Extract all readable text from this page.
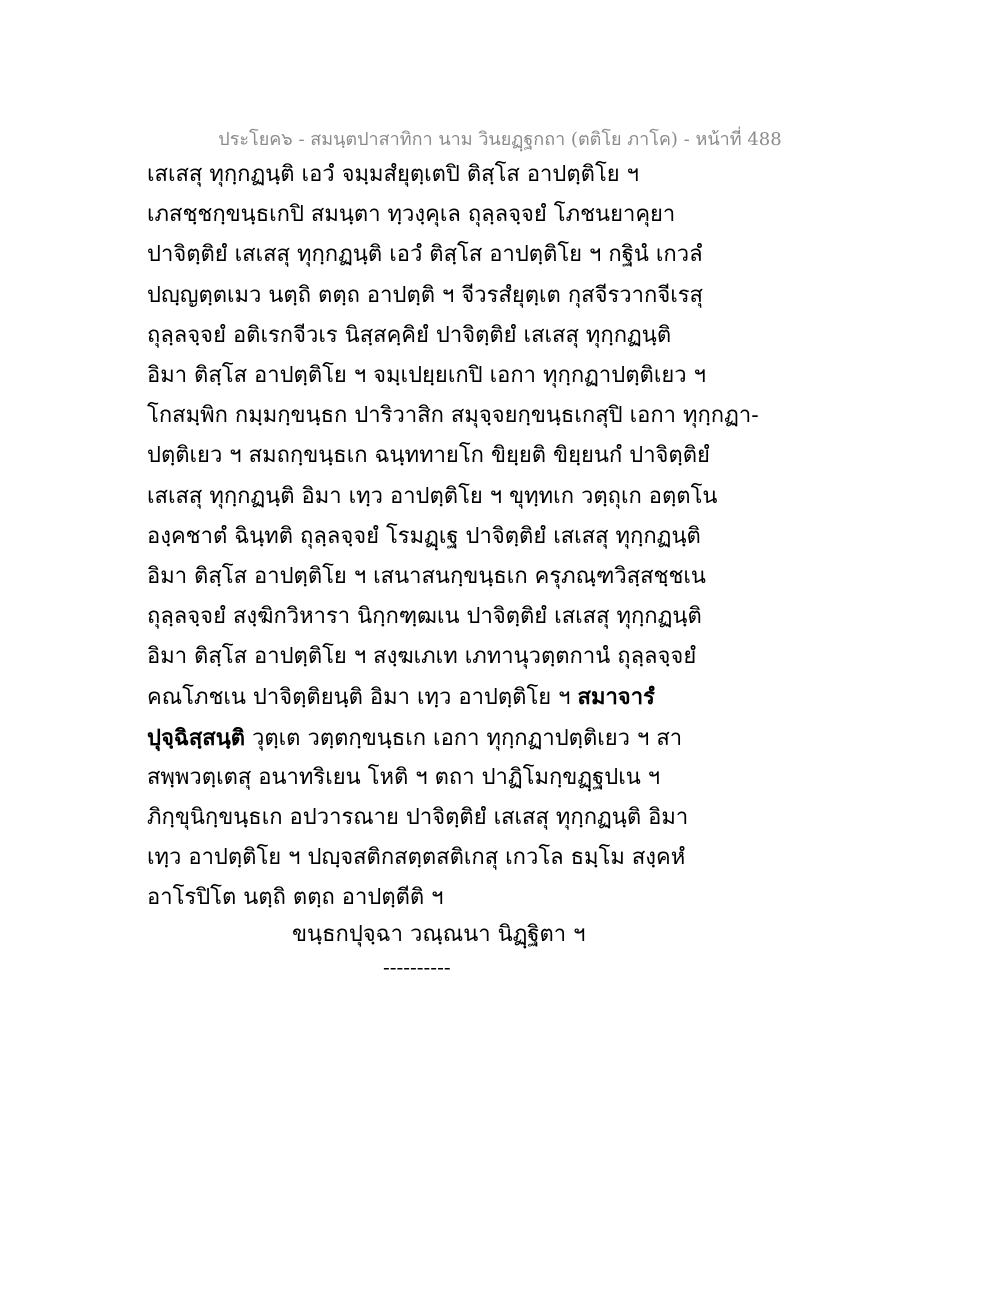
ประโยค๖ - สมนฺตปาสาทิกา นาม วินยฏฺฐกถา (ตติโย ภาโค) - หน้าที่ 488
เสเสสุ ทุกฺกฏนฺติ เอวํ จมฺมสํยุตฺเตปิ ติสฺโส อาปตฺติโย ฯ
เภสชฺชกฺขนฺธเกปิ สมนฺตา ทฺวงฺคุเล ถุลฺลจฺจยํ โภชนยาคุยา
ปาจิตฺติยํ เสเสสุ ทุกฺกฏนฺติ เอวํ ติสฺโส อาปตฺติโย ฯ กฐินํ เกวลํ
ปญฺญตฺตเมว นตฺถิ ตตฺถ อาปตฺติ ฯ จีวรสํยุตฺเต กุสจีรวากจีเรสุ
ถุลฺลจฺจยํ อติเรกจีวเร นิสฺสคฺคิยํ ปาจิตฺติยํ เสเสสุ ทุกฺกฏนฺติ
อิมา ติสฺโส อาปตฺติโย ฯ จมฺเปยฺยเกปิ เอกา ทุกฺกฏาปตฺติเยว ฯ
โกสมฺพิก กมฺมกฺขนฺธก ปาริวาสิก สมุจฺจยกฺขนฺธเกสุปิ เอกา ทุกฺกฏา-
ปตฺติเยว ฯ สมถกฺขนฺธเก ฉนฺททายโก ขิยฺยติ ขิยฺยนกํ ปาจิตฺติยํ
เสเสสุ ทุกฺกฏนฺติ อิมา เทฺว อาปตฺติโย ฯ ขุทฺทเก วตฺถุเก อตฺตโน
องฺคชาตํ ฉินฺทติ ถุลฺลจฺจยํ โรมฏฺเฐ ปาจิตฺติยํ เสเสสุ ทุกฺกฏนฺติ
อิมา ติสฺโส อาปตฺติโย ฯ เสนาสนกฺขนฺธเก ครุภณฺฑวิสฺสชฺชเน
ถุลฺลจฺจยํ สงฺฆิกวิหารา นิกฺกฑฺฒเน ปาจิตฺติยํ เสเสสุ ทุกฺกฏนฺติ
อิมา ติสฺโส อาปตฺติโย ฯ สงฺฆเภเท เภทานุวตฺตกานํ ถุลฺลจฺจยํ
คณโภชเน ปาจิตฺติยนฺติ อิมา เทฺว อาปตฺติโย ฯ สมาจารํ
ปุจฺฉิสฺสนฺติ วุตฺเต วตฺตกฺขนฺธเก เอกา ทุกฺกฏาปตฺติเยว ฯ สา
สพฺพวตฺเตสุ อนาทริเยน โหติ ฯ ตถา ปาฏิโมกฺขฏฺฐปเน ฯ
ภิกฺขุนิกฺขนฺธเก อปวารณาย ปาจิตฺติยํ เสเสสุ ทุกฺกฏนฺติ อิมา
เทฺว อาปตฺติโย ฯ ปญฺจสติกสตฺตสติเกสุ เกวโล ธมฺโม สงฺคหํ
อาโรปิโต นตฺถิ ตตฺถ อาปตฺตีติ ฯ
ขนฺธกปุจฺฉา วณฺณนา นิฏฺฐิตา ฯ
----------
